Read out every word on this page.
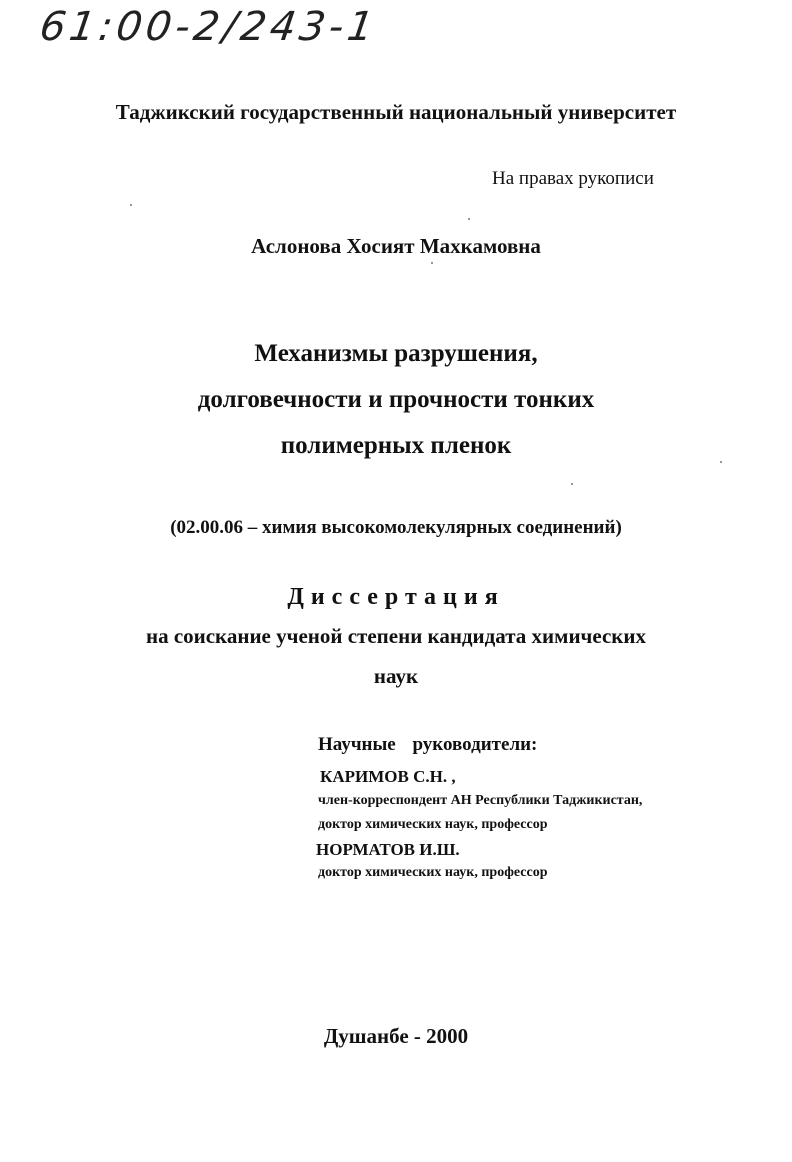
61:00-2/243-1
Таджикский государственный национальный университет
На правах рукописи
Аслонова Хосият Махкамовна
Механизмы разрушения,
долговечности и прочности тонких
полимерных пленок
(02.00.06 – химия высокомолекулярных соединений)
Диссертация
на соискание ученой степени кандидата химических
наук
Научные руководители:
КАРИМОВ С.Н. ,
член-корреспондент АН Республики Таджикистан,
доктор химических наук, профессор
НОРМАТОВ И.Ш.
доктор химических наук, профессор
Душанбе - 2000
